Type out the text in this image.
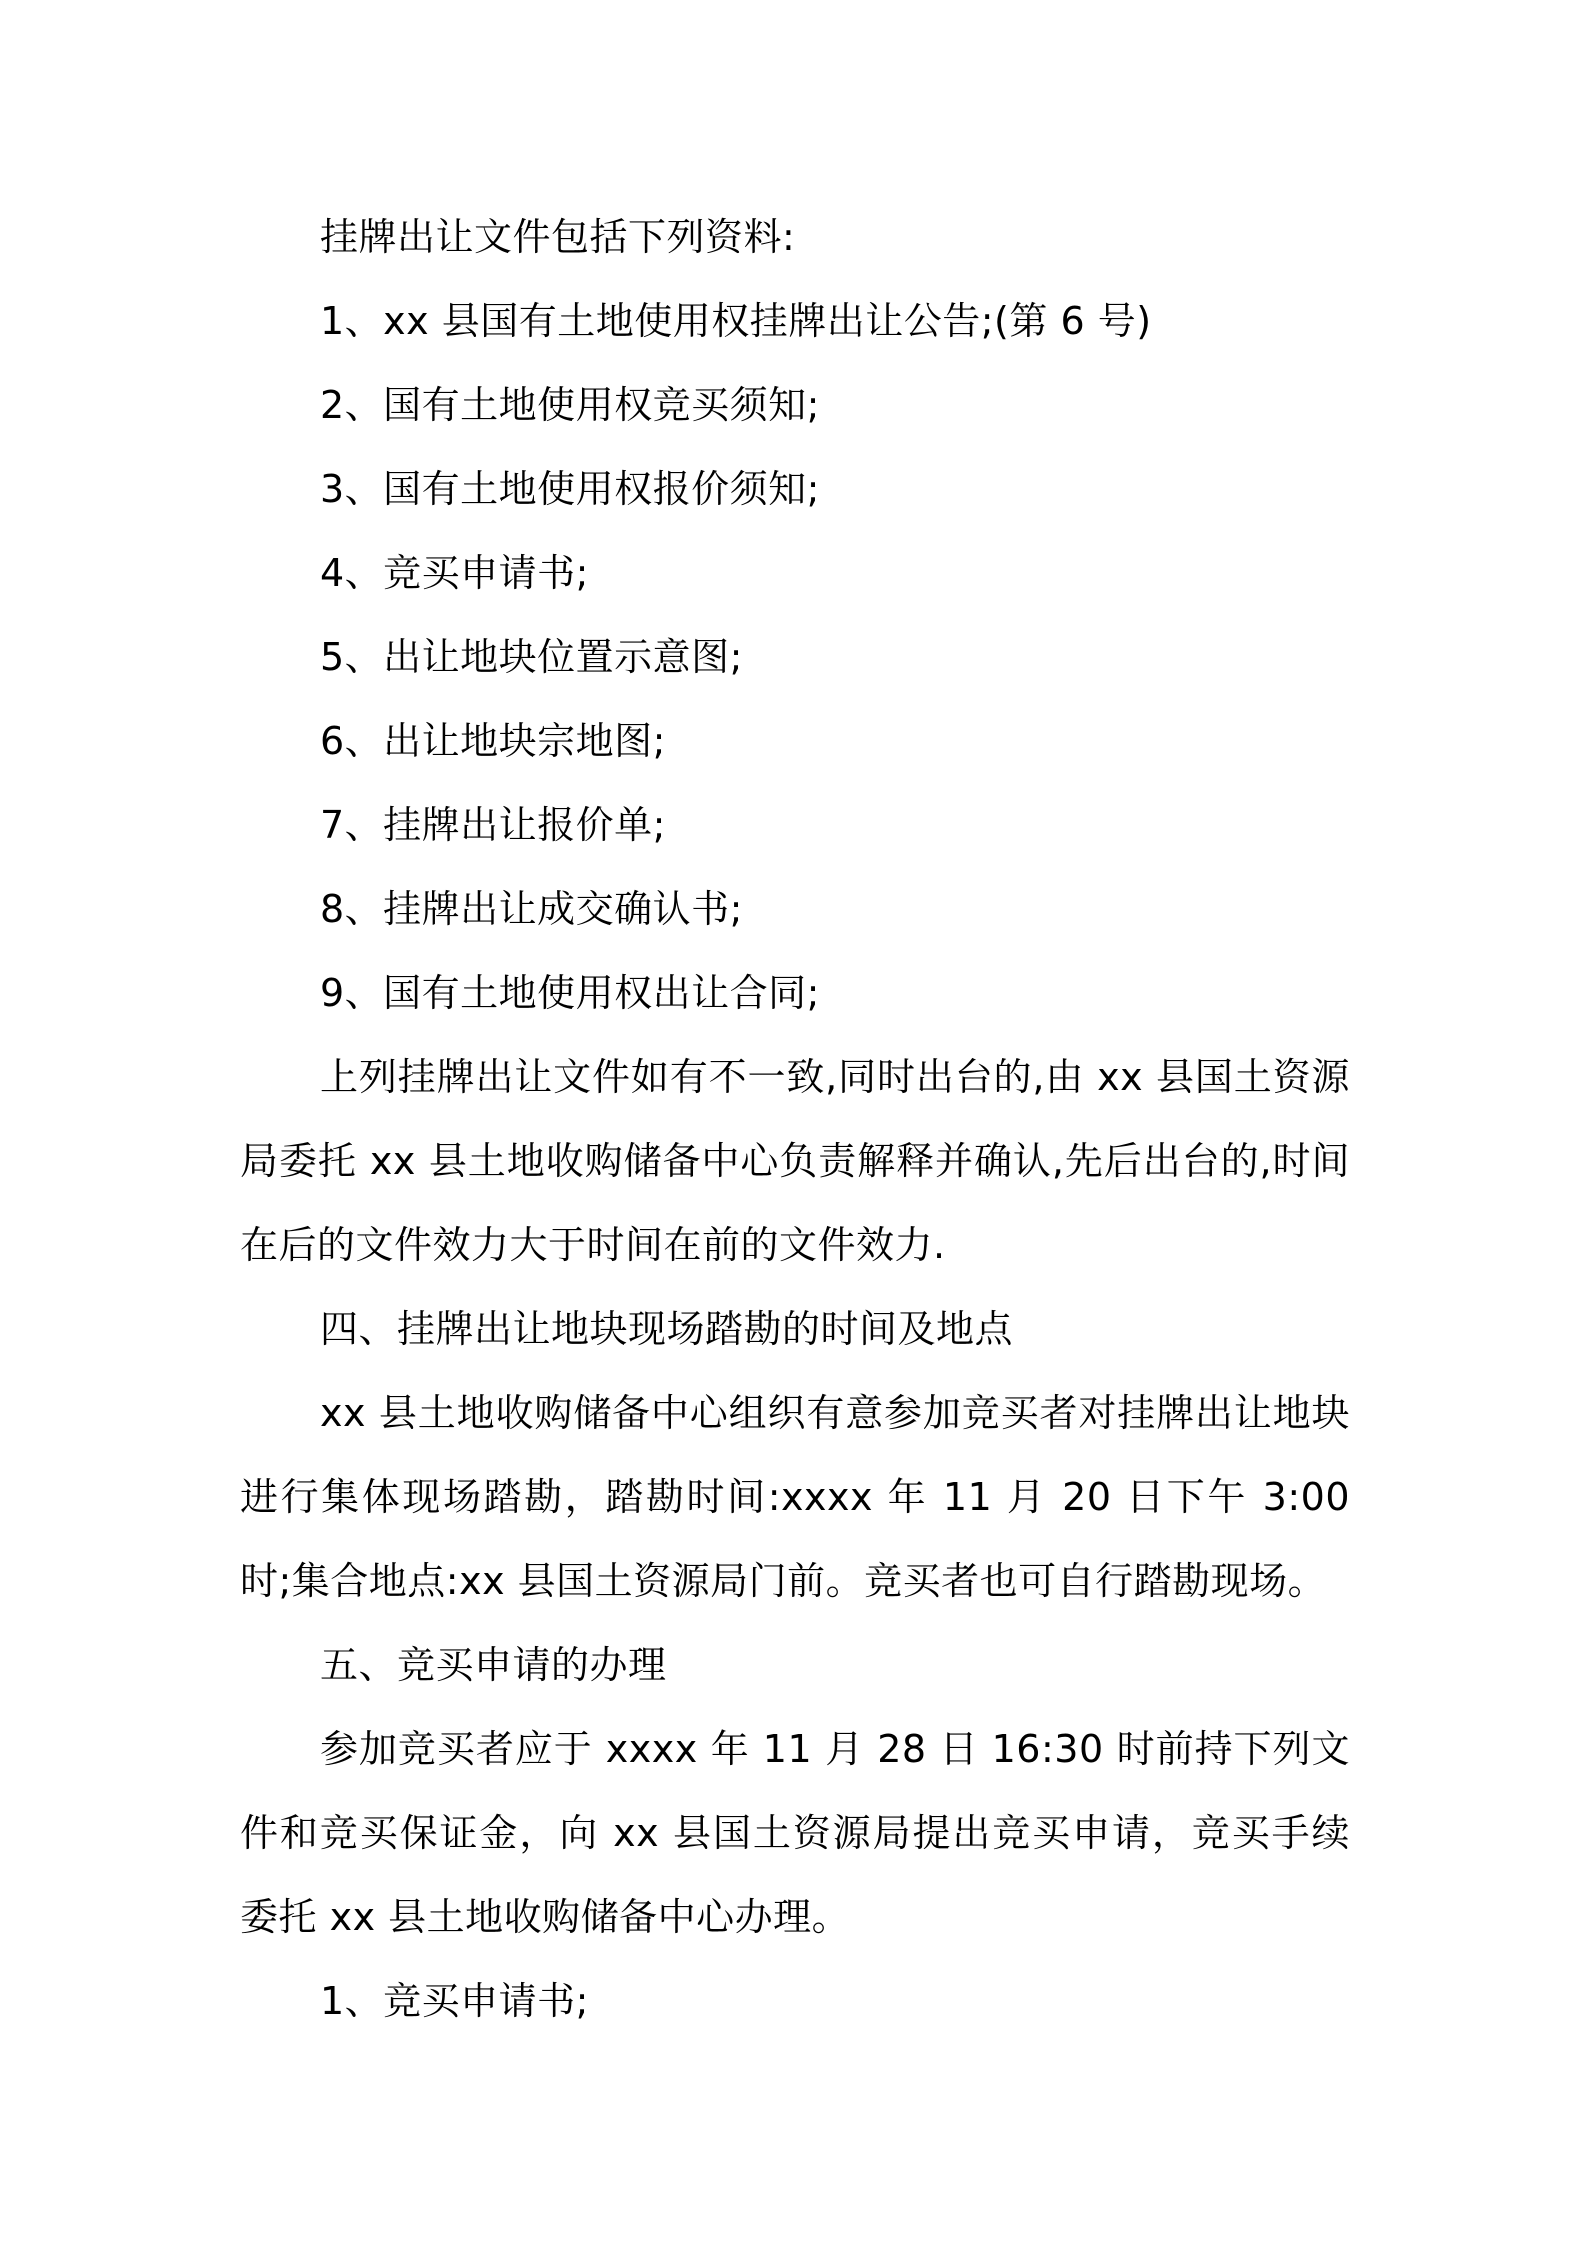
挂牌出让文件包括下列资料:

1、xx 县国有土地使用权挂牌出让公告;(第 6 号)

2、国有土地使用权竞买须知;

3、国有土地使用权报价须知;

4、竞买申请书;

5、出让地块位置示意图;

6、出让地块宗地图;

7、挂牌出让报价单;

8、挂牌出让成交确认书;

9、国有土地使用权出让合同;

上列挂牌出让文件如有不一致,同时出台的,由 xx 县国土资源局委托 xx 县土地收购储备中心负责解释并确认,先后出台的,时间在后的文件效力大于时间在前的文件效力.

四、挂牌出让地块现场踏勘的时间及地点

xx 县土地收购储备中心组织有意参加竞买者对挂牌出让地块进行集体现场踏勘，踏勘时间:xxxx 年 11 月 20 日下午 3:00 时;集合地点:xx 县国土资源局门前。竞买者也可自行踏勘现场。

五、竞买申请的办理

参加竞买者应于 xxxx 年 11 月 28 日 16:30 时前持下列文件和竞买保证金，向 xx 县国土资源局提出竞买申请，竞买手续委托 xx 县土地收购储备中心办理。

1、竞买申请书;
